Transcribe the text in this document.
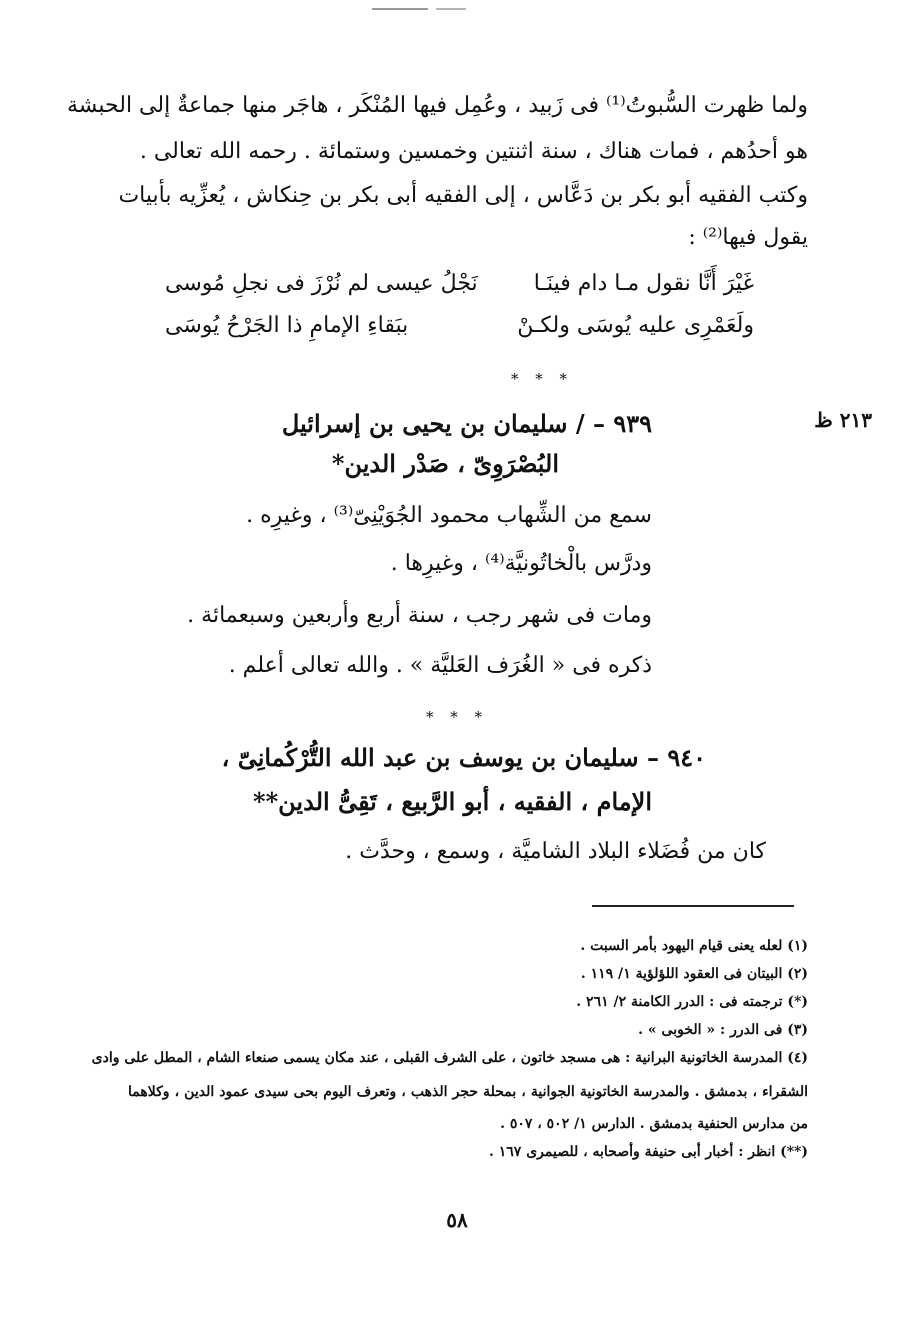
ولما ظهرت السُّبوتُ⁽¹⁾ فى زَبيد ، وعُمِل فيها المُنْكَر ، هاجَر منها جماعةٌ إلى الحبشة
هو أحدُهم ، فمات هناك ، سنة اثنتين وخمسين وستمائة . رحمه الله تعالى .
وكتب الفقيه أبو بكر بن دَعَّاس ، إلى الفقيه أبى بكر بن حِنكاش ، يُعزِّيه بأبيات
يقول فيها⁽²⁾ :
غَيْرَ أَنَّا نقول مـا دام فينَـا
نَجْلُ عيسى لم نُرْزَ فى نجلِ مُوسى
ولَعَمْرِى عليه يُوسَى ولكـنْ
ببَقاءِ الإمامِ ذا الجَرْحُ يُوسَى
* * *
٢١٣ ظ
٩٣٩ – / سليمان بن يحيى بن إسرائيل
البُصْرَوِىّ ، صَدْر الدين*
سمع من الشِّهاب محمود الجُوَيْنِىّ⁽³⁾ ، وغيرِه .
ودرَّس بالْخاتُونيَّة⁽⁴⁾ ، وغيرِها .
ومات فى شهر رجب ، سنة أربع وأربعين وسبعمائة .
ذكره فى « الغُرَف العَليَّة » . والله تعالى أعلم .
* * *
٩٤٠ – سليمان بن يوسف بن عبد الله التُّرْكُمانِىّ ،
الإمام ، الفقيه ، أبو الرَّبيع ، تَقِىُّ الدين**
كان من فُضَلاء البلاد الشاميَّة ، وسمع ، وحدَّث .
(١) لعله يعنى قيام اليهود بأمر السبت .
(٢) البيتان فى العقود اللؤلؤية ١/ ١١٩ .
(*) ترجمته فى : الدرر الكامنة ٢/ ٢٦١ .
(٣) فى الدرر : « الخوبى » .
(٤) المدرسة الخاتونية البرانية : هى مسجد خاتون ، على الشرف القبلى ، عند مكان يسمى صنعاء الشام ، المطل على وادى
الشقراء ، بدمشق . والمدرسة الخاتونية الجوانية ، بمحلة حجر الذهب ، وتعرف اليوم بحى سيدى عمود الدين ، وكلاهما
من مدارس الحنفية بدمشق . الدارس ١/ ٥٠٢ ، ٥٠٧ .
(**) انظر : أخبار أبى حنيفة وأصحابه ، للصيمرى ١٦٧ .
٥٨
